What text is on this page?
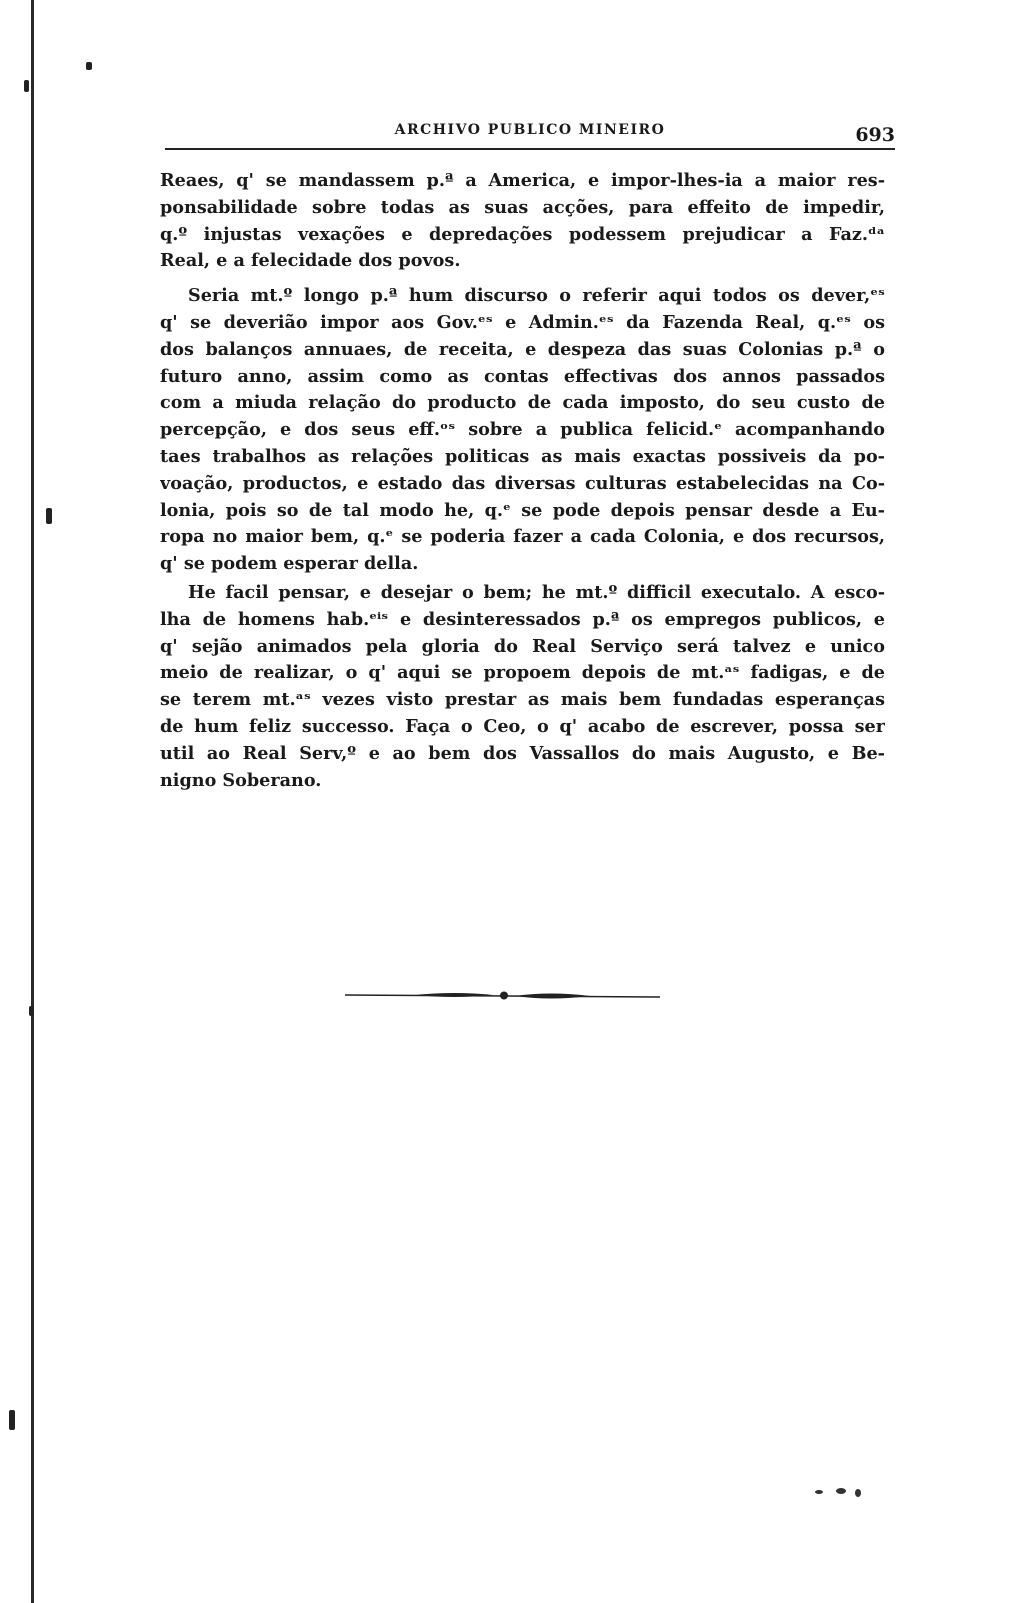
ARCHIVO PUBLICO MINEIRO	693

Reaes, q' se mandassem p.ª a America, e impor-lhes-ia a maior res-
ponsabilidade sobre todas as suas acções, para effeito de impedir,
q.º injustas vexações e depredações podessem prejudicar a Faz.ᵈᵃ
Real, e a felecidade dos povos.

Seria mt.º longo p.ª hum discurso o referir aqui todos os dever,ᵉˢ
q' se deverião impor aos Gov.ᵉˢ e Admin.ᵉˢ da Fazenda Real, q.ᵉˢ os
dos balanços annuaes, de receita, e despeza das suas Colonias p.ª o
futuro anno, assim como as contas effectivas dos annos passados
com a miuda relação do producto de cada imposto, do seu custo de
percepção, e dos seus eff.ᵒˢ sobre a publica felicid.ᵉ acompanhando
taes trabalhos as relações politicas as mais exactas possiveis da po-
voação, productos, e estado das diversas culturas estabelecidas na Co-
lonia, pois so de tal modo he, q.ᵉ se pode depois pensar desde a Eu-
ropa no maior bem, q.ᵉ se poderia fazer a cada Colonia, e dos recursos,
q' se podem esperar della.

He facil pensar, e desejar o bem; he mt.º difficil executalo. A esco-
lha de homens hab.ᵉⁱˢ e desinteressados p.ª os empregos publicos, e
q' sejão animados pela gloria do Real Serviço será talvez e unico
meio de realizar, o q' aqui se propoem depois de mt.ᵃˢ fadigas, e de
se terem mt.ᵃˢ vezes visto prestar as mais bem fundadas esperanças
de hum feliz successo. Faça o Ceo, o q' acabo de escrever, possa ser
util ao Real Serv,º e ao bem dos Vassallos do mais Augusto, e Be-
nigno Soberano.
